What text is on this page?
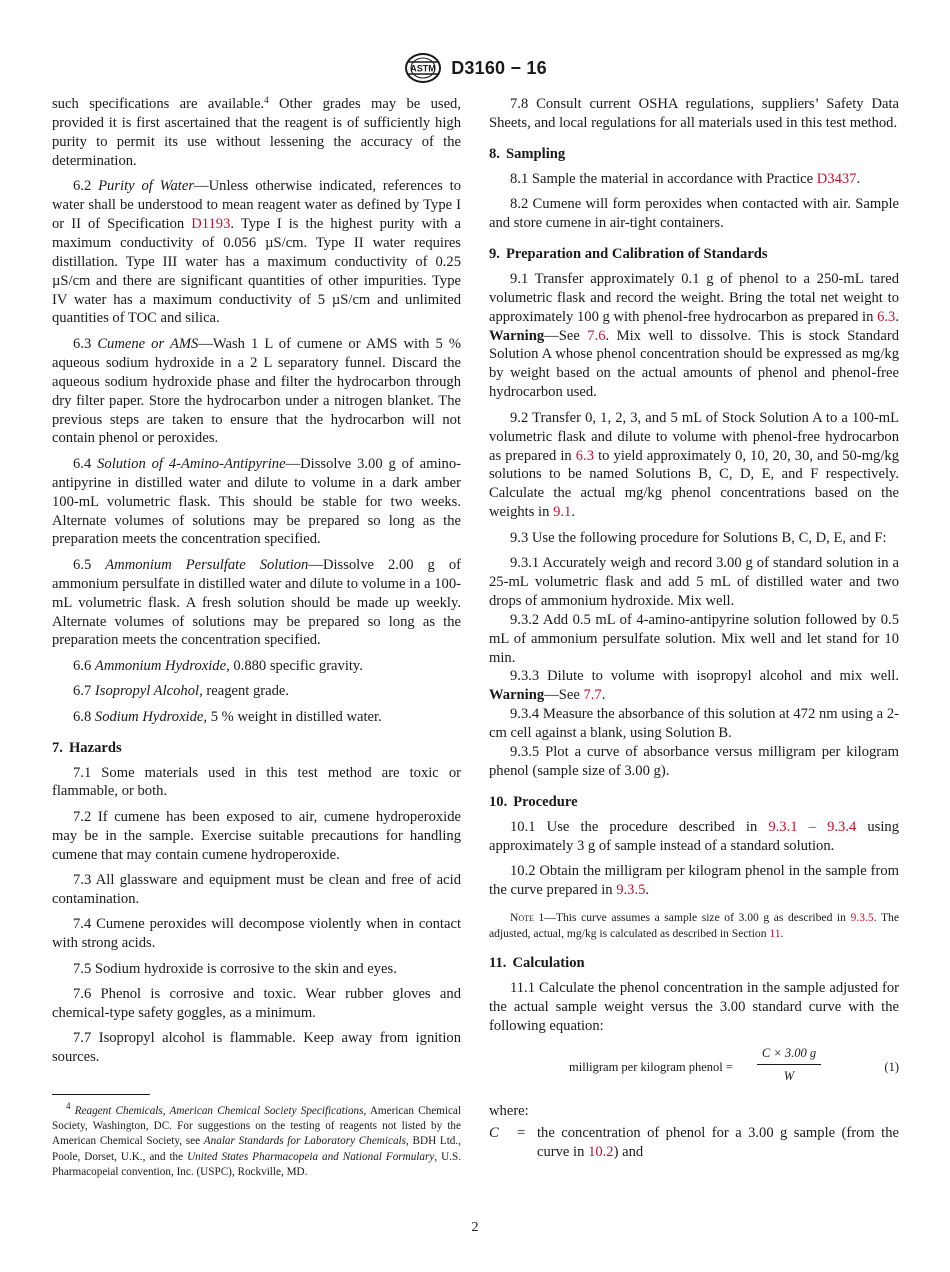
ASTM D3160 − 16

such specifications are available.$^4$ Other grades may be used, provided it is first ascertained that the reagent is of sufficiently high purity to permit its use without lessening the accuracy of the determination.

6.2 Purity of Water—Unless otherwise indicated, references to water shall be understood to mean reagent water as defined by Type I or II of Specification D1193. Type I is the highest purity with a maximum conductivity of 0.056 µS/cm. Type II water requires distillation. Type III water has a maximum conductivity of 0.25 µS/cm and there are significant quantities of other impurities. Type IV water has a maximum conductivity of 5 µS/cm and unlimited quantities of TOC and silica.

6.3 Cumene or AMS—Wash 1 L of cumene or AMS with 5 % aqueous sodium hydroxide in a 2 L separatory funnel. Discard the aqueous sodium hydroxide phase and filter the hydrocarbon through dry filter paper. Store the hydrocarbon under a nitrogen blanket. The previous steps are taken to ensure that the hydrocarbon will not contain phenol or peroxides.

6.4 Solution of 4-Amino-Antipyrine—Dissolve 3.00 g of amino-antipyrine in distilled water and dilute to volume in a dark amber 100-mL volumetric flask. This should be stable for two weeks. Alternate volumes of solutions may be prepared so long as the preparation meets the concentration specified.

6.5 Ammonium Persulfate Solution—Dissolve 2.00 g of ammonium persulfate in distilled water and dilute to volume in a 100-mL volumetric flask. A fresh solution should be made up weekly. Alternate volumes of solutions may be prepared so long as the preparation meets the concentration specified.

6.6 Ammonium Hydroxide, 0.880 specific gravity.

6.7 Isopropyl Alcohol, reagent grade.

6.8 Sodium Hydroxide, 5 % weight in distilled water.

7. Hazards

7.1 Some materials used in this test method are toxic or flammable, or both.

7.2 If cumene has been exposed to air, cumene hydroperoxide may be in the sample. Exercise suitable precautions for handling cumene that may contain cumene hydroperoxide.

7.3 All glassware and equipment must be clean and free of acid contamination.

7.4 Cumene peroxides will decompose violently when in contact with strong acids.

7.5 Sodium hydroxide is corrosive to the skin and eyes.

7.6 Phenol is corrosive and toxic. Wear rubber gloves and chemical-type safety goggles, as a minimum.

7.7 Isopropyl alcohol is flammable. Keep away from ignition sources.

$^4$ Reagent Chemicals, American Chemical Society Specifications, American Chemical Society, Washington, DC. For suggestions on the testing of reagents not listed by the American Chemical Society, see Analar Standards for Laboratory Chemicals, BDH Ltd., Poole, Dorset, U.K., and the United States Pharmacopeia and National Formulary, U.S. Pharmacopeial convention, Inc. (USPC), Rockville, MD.

7.8 Consult current OSHA regulations, suppliers’ Safety Data Sheets, and local regulations for all materials used in this test method.

8. Sampling

8.1 Sample the material in accordance with Practice D3437.

8.2 Cumene will form peroxides when contacted with air. Sample and store cumene in air-tight containers.

9. Preparation and Calibration of Standards

9.1 Transfer approximately 0.1 g of phenol to a 250-mL tared volumetric flask and record the weight. Bring the total net weight to approximately 100 g with phenol-free hydrocarbon as prepared in 6.3. Warning—See 7.6. Mix well to dissolve. This is stock Standard Solution A whose phenol concentration should be expressed as mg/kg by weight based on the actual amounts of phenol and phenol-free hydrocarbon used.

9.2 Transfer 0, 1, 2, 3, and 5 mL of Stock Solution A to a 100-mL volumetric flask and dilute to volume with phenol-free hydrocarbon as prepared in 6.3 to yield approximately 0, 10, 20, 30, and 50-mg/kg solutions to be named Solutions B, C, D, E, and F respectively. Calculate the actual mg/kg phenol concentrations based on the weights in 9.1.

9.3 Use the following procedure for Solutions B, C, D, E, and F:

9.3.1 Accurately weigh and record 3.00 g of standard solution in a 25-mL volumetric flask and add 5 mL of distilled water and two drops of ammonium hydroxide. Mix well.

9.3.2 Add 0.5 mL of 4-amino-antipyrine solution followed by 0.5 mL of ammonium persulfate solution. Mix well and let stand for 10 min.

9.3.3 Dilute to volume with isopropyl alcohol and mix well. Warning—See 7.7.

9.3.4 Measure the absorbance of this solution at 472 nm using a 2-cm cell against a blank, using Solution B.

9.3.5 Plot a curve of absorbance versus milligram per kilogram phenol (sample size of 3.00 g).

10. Procedure

10.1 Use the procedure described in 9.3.1 – 9.3.4 using approximately 3 g of sample instead of a standard solution.

10.2 Obtain the milligram per kilogram phenol in the sample from the curve prepared in 9.3.5.

Note 1—This curve assumes a sample size of 3.00 g as described in 9.3.5. The adjusted, actual, mg/kg is calculated as described in Section 11.

11. Calculation

11.1 Calculate the phenol concentration in the sample adjusted for the actual sample weight versus the 3.00 standard curve with the following equation:

milligram per kilogram phenol = $\frac{C \times 3.00 g}{W}$	(1)

where:

C = the concentration of phenol for a 3.00 g sample (from the curve in 10.2) and
2
